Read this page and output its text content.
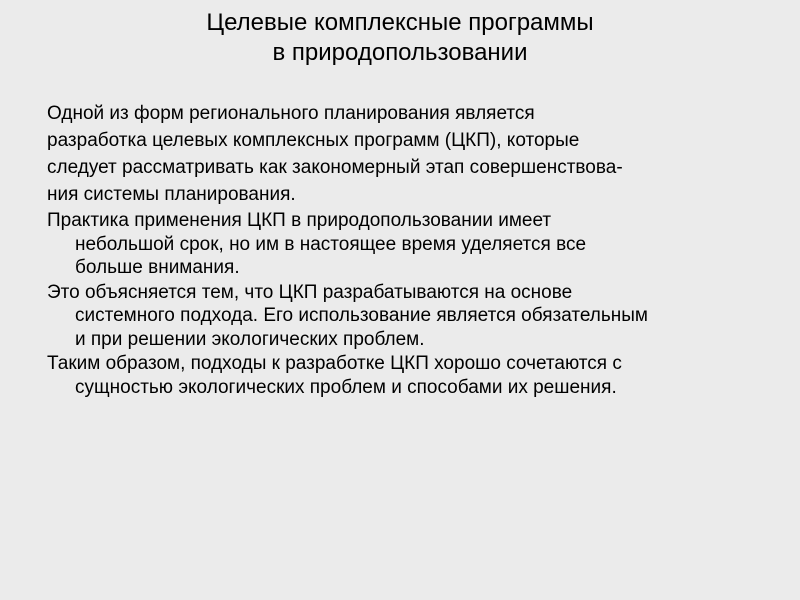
Целевые комплексные программы
в природопользовании
Одной из форм регионального планирования является
разработка целевых комплексных программ (ЦКП), которые
следует рассматривать как закономерный этап совершенствова-
ния системы планирования.
Практика применения ЦКП в природопользовании имеет
небольшой срок, но им в настоящее время уделяется все
больше внимания.
Это объясняется тем, что ЦКП разрабатываются на основе
системного подхода. Его использование является обязательным
и при решении экологических проблем.
Таким образом, подходы к разработке ЦКП хорошо сочетаются с
сущностью экологических проблем и способами их решения.
